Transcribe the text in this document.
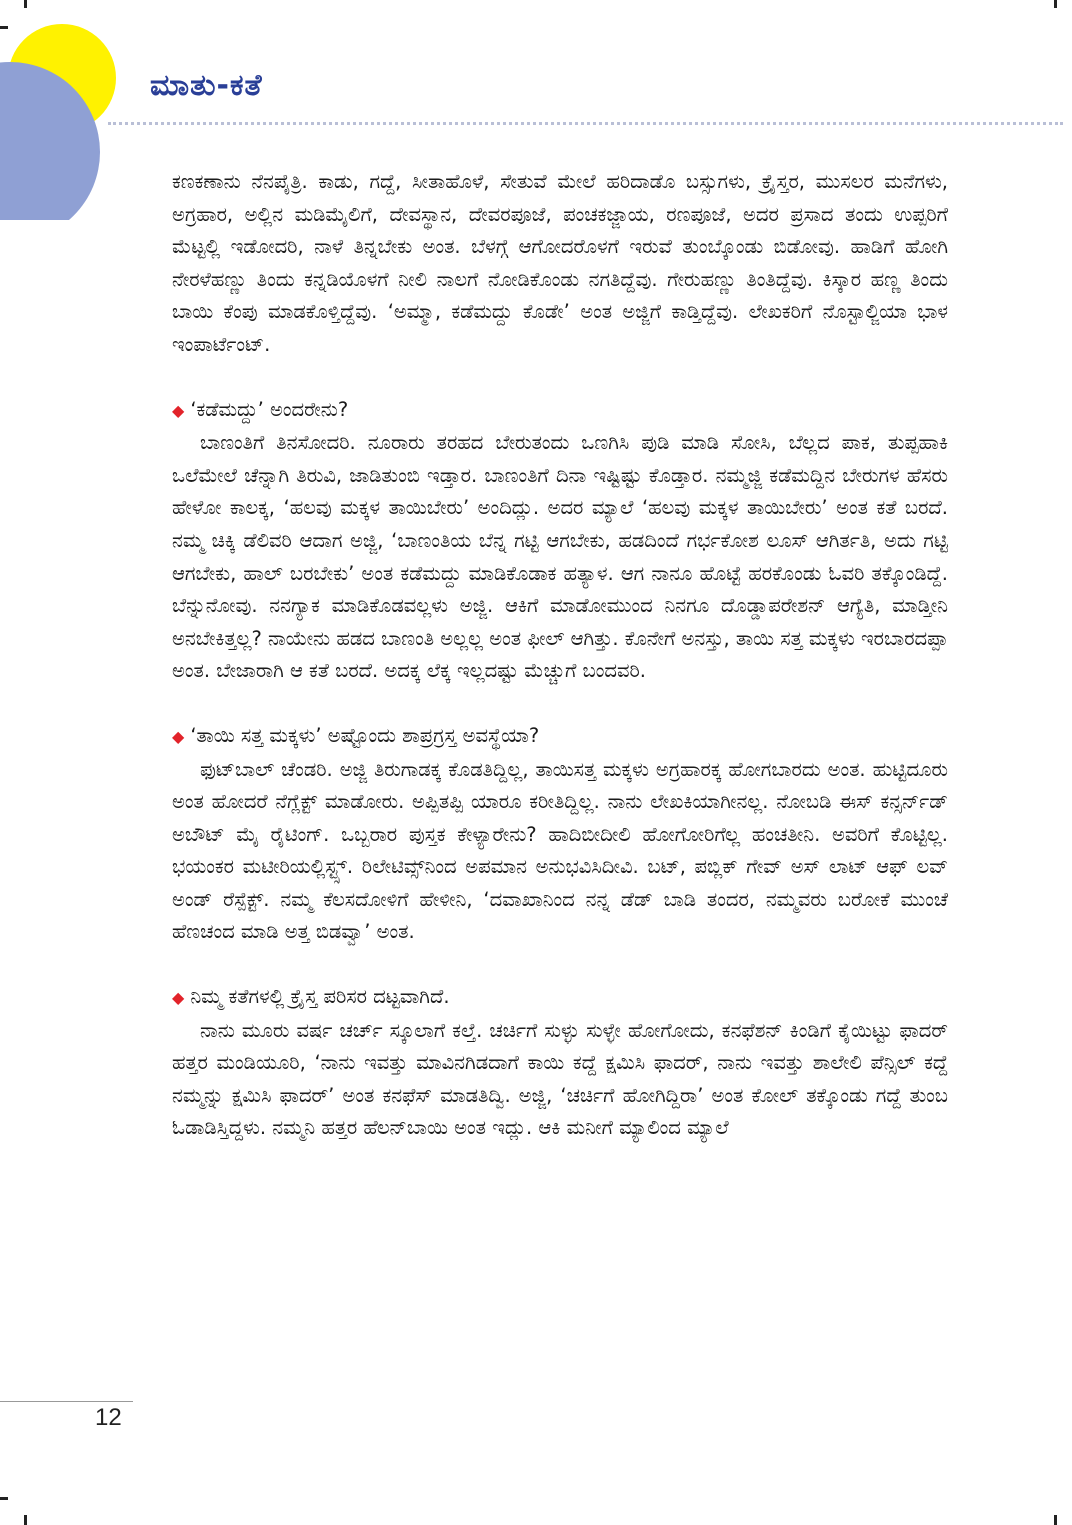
ಮಾತು-ಕತೆ

ಕಣಕಣಾನು ನೆನಪೈತ್ರಿ. ಕಾಡು, ಗದ್ದೆ, ಸೀತಾಹೊಳೆ, ಸೇತುವೆ ಮೇಲೆ ಹರಿದಾಡೊ ಬಸ್ಸುಗಳು, ಕ್ರೈಸ್ತರ, ಮುಸಲರ ಮನೆಗಳು, ಅಗ್ರಹಾರ, ಅಲ್ಲಿನ ಮಡಿಮೈಲಿಗೆ, ದೇವಸ್ಥಾನ, ದೇವರಪೂಜೆ, ಪಂಚಕಜ್ಜಾಯ, ರಣಪೂಜೆ, ಅದರ ಪ್ರಸಾದ ತಂದು ಉಪ್ಪರಿಗೆ ಮೆಟ್ಟಲ್ಲಿ ಇಡೋದರಿ, ನಾಳೆ ತಿನ್ನಬೇಕು ಅಂತ. ಬೆಳಗ್ಗೆ ಆಗೋದರೊಳಗೆ ಇರುವೆ ತುಂಬ್ಕೊಂಡು ಬಿಡೋವು. ಹಾಡಿಗೆ ಹೋಗಿ ನೇರಳೆಹಣ್ಣು ತಿಂದು ಕನ್ನಡಿಯೊಳಗೆ ನೀಲಿ ನಾಲಗೆ ನೋಡಿಕೊಂಡು ನಗತಿದ್ದೆವು. ಗೇರುಹಣ್ಣು ತಿಂತಿದ್ದೆವು. ಕಿಸ್ಕಾರ ಹಣ್ಣ ತಿಂದು ಬಾಯಿ ಕೆಂಪು ಮಾಡಕೊಳ್ತಿದ್ದೆವು. ‘ಅಮ್ಮಾ, ಕಡೆಮದ್ದು ಕೊಡೇ’ ಅಂತ ಅಜ್ಜಿಗೆ ಕಾಡ್ತಿದ್ದೆವು. ಲೇಖಕರಿಗೆ ನೊಸ್ಟಾಲ್ಜಿಯಾ ಭಾಳ ಇಂಪಾರ್ಟೆಂಟ್.

◆ ‘ಕಡೆಮದ್ದು’ ಅಂದರೇನು?

ಬಾಣಂತಿಗೆ ತಿನಸೋದರಿ. ನೂರಾರು ತರಹದ ಬೇರುತಂದು ಒಣಗಿಸಿ ಪುಡಿ ಮಾಡಿ ಸೋಸಿ, ಬೆಲ್ಲದ ಪಾಕ, ತುಪ್ಪಹಾಕಿ ಒಲೆಮೇಲೆ ಚೆನ್ನಾಗಿ ತಿರುವಿ, ಜಾಡಿತುಂಬಿ ಇಡ್ತಾರ. ಬಾಣಂತಿಗೆ ದಿನಾ ಇಷ್ಟಿಷ್ಟು ಕೊಡ್ತಾರ. ನಮ್ಮಜ್ಜಿ ಕಡೆಮದ್ದಿನ ಬೇರುಗಳ ಹೆಸರು ಹೇಳೋ ಕಾಲಕ್ಕ, ‘ಹಲವು ಮಕ್ಕಳ ತಾಯಿಬೇರು’ ಅಂದಿದ್ಲು. ಅದರ ಮ್ಯಾಲೆ ‘ಹಲವು ಮಕ್ಕಳ ತಾಯಿಬೇರು’ ಅಂತ ಕತೆ ಬರದೆ. ನಮ್ಮ ಚಿಕ್ಕಿ ಡೆಲಿವರಿ ಆದಾಗ ಅಜ್ಜಿ, ‘ಬಾಣಂತಿಯ ಬೆನ್ನ ಗಟ್ಟಿ ಆಗಬೇಕು, ಹಡದಿಂದೆ ಗರ್ಭಕೋಶ ಲೂಸ್ ಆಗಿರ್ತತಿ, ಅದು ಗಟ್ಟಿ ಆಗಬೇಕು, ಹಾಲ್ ಬರಬೇಕು’ ಅಂತ ಕಡೆಮದ್ದು ಮಾಡಿಕೊಡಾಕ ಹತ್ಯಾಳ. ಆಗ ನಾನೂ ಹೊಟ್ಟೆ ಹರಕೊಂಡು ಓವರಿ ತಕ್ಕೊಂಡಿದ್ದೆ. ಬೆನ್ನುನೋವು. ನನಗ್ಯಾಕ ಮಾಡಿಕೊಡವಲ್ಲಳು ಅಜ್ಜಿ. ಆಕಿಗೆ ಮಾಡೋಮುಂದ ನಿನಗೂ ದೊಡ್ಡಾಪರೇಶನ್ ಆಗ್ಯೆತಿ, ಮಾಡ್ತೀನಿ ಅನಬೇಕಿತ್ತಲ್ಲ? ನಾಯೇನು ಹಡದ ಬಾಣಂತಿ ಅಲ್ಲಲ್ಲ ಅಂತ ಫೀಲ್ ಆಗಿತ್ತು. ಕೊನೇಗೆ ಅನಸ್ತು, ತಾಯಿ ಸತ್ತ ಮಕ್ಕಳು ಇರಬಾರದಪ್ಪಾ ಅಂತ. ಬೇಜಾರಾಗಿ ಆ ಕತೆ ಬರದೆ. ಅದಕ್ಕ ಲೆಕ್ಕ ಇಲ್ಲದಷ್ಟು ಮೆಚ್ಚುಗೆ ಬಂದವರಿ.

◆ ‘ತಾಯಿ ಸತ್ತ ಮಕ್ಕಳು’ ಅಷ್ಟೊಂದು ಶಾಪ್ರಗ್ರಸ್ತ ಅವಸ್ಥೆಯಾ?

ಫುಟ್‌ಬಾಲ್ ಚೆಂಡರಿ. ಅಜ್ಜಿ ತಿರುಗಾಡಕ್ಕ ಕೊಡತಿದ್ದಿಲ್ಲ, ತಾಯಿಸತ್ತ ಮಕ್ಕಳು ಅಗ್ರಹಾರಕ್ಕ ಹೋಗಬಾರದು ಅಂತ. ಹುಟ್ಟಿದೂರು ಅಂತ ಹೋದರೆ ನೆಗ್ಲೆಕ್ಟ್ ಮಾಡೋರು. ಅಪ್ಪಿತಪ್ಪಿ ಯಾರೂ ಕರೀತಿದ್ದಿಲ್ಲ. ನಾನು ಲೇಖಕಿಯಾಗೀನಲ್ಲ. ನೋಬಡಿ ಈಸ್ ಕನ್ಸರ್ನ್‌ಡ್ ಅಬೌಟ್ ಮೈ ರೈಟಿಂಗ್. ಒಬ್ಬರಾರ ಪುಸ್ತಕ ಕೇಳ್ಯಾರೇನು? ಹಾದಿಬೀದೀಲಿ ಹೋಗೋರಿಗೆಲ್ಲ ಹಂಚತೀನಿ. ಅವರಿಗೆ ಕೊಟ್ಟಿಲ್ಲ. ಭಯಂಕರ ಮಟೀರಿಯಲ್ಲಿಸ್ಟ್ಸ್. ರಿಲೇಟಿವ್ಸ್‌ನಿಂದ ಅಪಮಾನ ಅನುಭವಿಸಿದೀವಿ. ಬಟ್, ಪಬ್ಲಿಕ್ ಗೇವ್ ಅಸ್ ಲಾಟ್ ಆಫ್ ಲವ್ ಅಂಡ್ ರೆಸ್ಪೆಕ್ಟ್. ನಮ್ಮ ಕೆಲಸದೋಳಿಗೆ ಹೇಳೀನಿ, ‘ದವಾಖಾನಿಂದ ನನ್ನ ಡೆಡ್ ಬಾಡಿ ತಂದರ, ನಮ್ಮವರು ಬರೋಕೆ ಮುಂಚೆ ಹೆಣಚಂದ ಮಾಡಿ ಅತ್ತ ಬಿಡವ್ವಾ’ ಅಂತ.

◆ ನಿಮ್ಮ ಕತೆಗಳಲ್ಲಿ ಕ್ರೈಸ್ತ ಪರಿಸರ ದಟ್ಟವಾಗಿದೆ.

ನಾನು ಮೂರು ವರ್ಷ ಚರ್ಚ್ ಸ್ಕೂಲಾಗೆ ಕಲ್ತೆ. ಚರ್ಚಿಗೆ ಸುಳ್ಳು ಸುಳ್ಳೇ ಹೋಗೋದು, ಕನಫೆಶನ್ ಕಿಂಡಿಗೆ ಕೈಯಿಟ್ಟು ಫಾದರ್ ಹತ್ತರ ಮಂಡಿಯೂರಿ, ‘ನಾನು ಇವತ್ತು ಮಾವಿನಗಿಡದಾಗೆ ಕಾಯಿ ಕದ್ದೆ ಕ್ಷಮಿಸಿ ಫಾದರ್, ನಾನು ಇವತ್ತು ಶಾಲೇಲಿ ಪೆನ್ಸಿಲ್ ಕದ್ದೆ ನಮ್ಮನ್ನು ಕ್ಷಮಿಸಿ ಫಾದರ್’ ಅಂತ ಕನಫೆಸ್ ಮಾಡತಿದ್ವಿ. ಅಜ್ಜಿ, ‘ಚರ್ಚಿಗೆ ಹೋಗಿದ್ದಿರಾ’ ಅಂತ ಕೋಲ್ ತಕ್ಕೊಂಡು ಗದ್ದೆ ತುಂಬ ಓಡಾಡಿಸ್ತಿದ್ದಳು. ನಮ್ಮನಿ ಹತ್ತರ ಹೆಲನ್‌ಬಾಯಿ ಅಂತ ಇದ್ಲು. ಆಕಿ ಮನೀಗೆ ಮ್ಯಾಲಿಂದ ಮ್ಯಾಲೆ

12
